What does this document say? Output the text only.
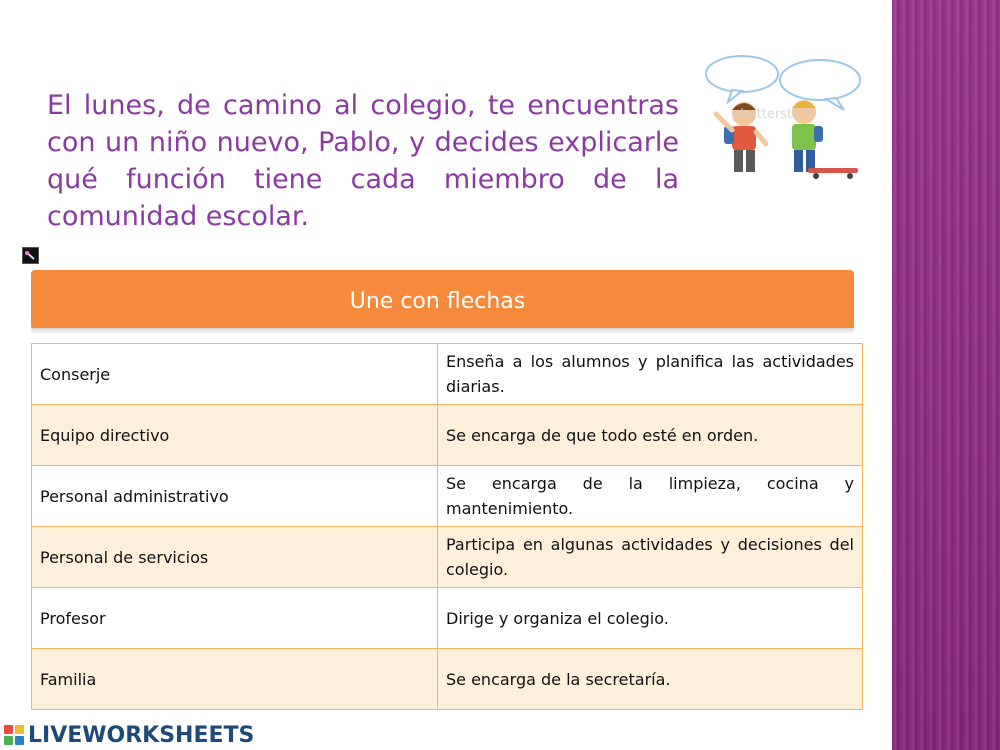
El lunes, de camino al colegio, te encuentras con un niño nuevo, Pablo, y decides explicarle qué función tiene cada miembro de la comunidad escolar.

shutterstock
Une con flechas
Conserje	Enseña a los alumnos y planifica las actividades diarias.
Equipo directivo	Se encarga de que todo esté en orden.
Personal administrativo	Se encarga de la limpieza, cocina y mantenimiento.
Personal de servicios	Participa en algunas actividades y decisiones del colegio.
Profesor	Dirige y organiza el colegio.
Familia	Se encarga de la secretaría.
LIVEWORKSHEETS
